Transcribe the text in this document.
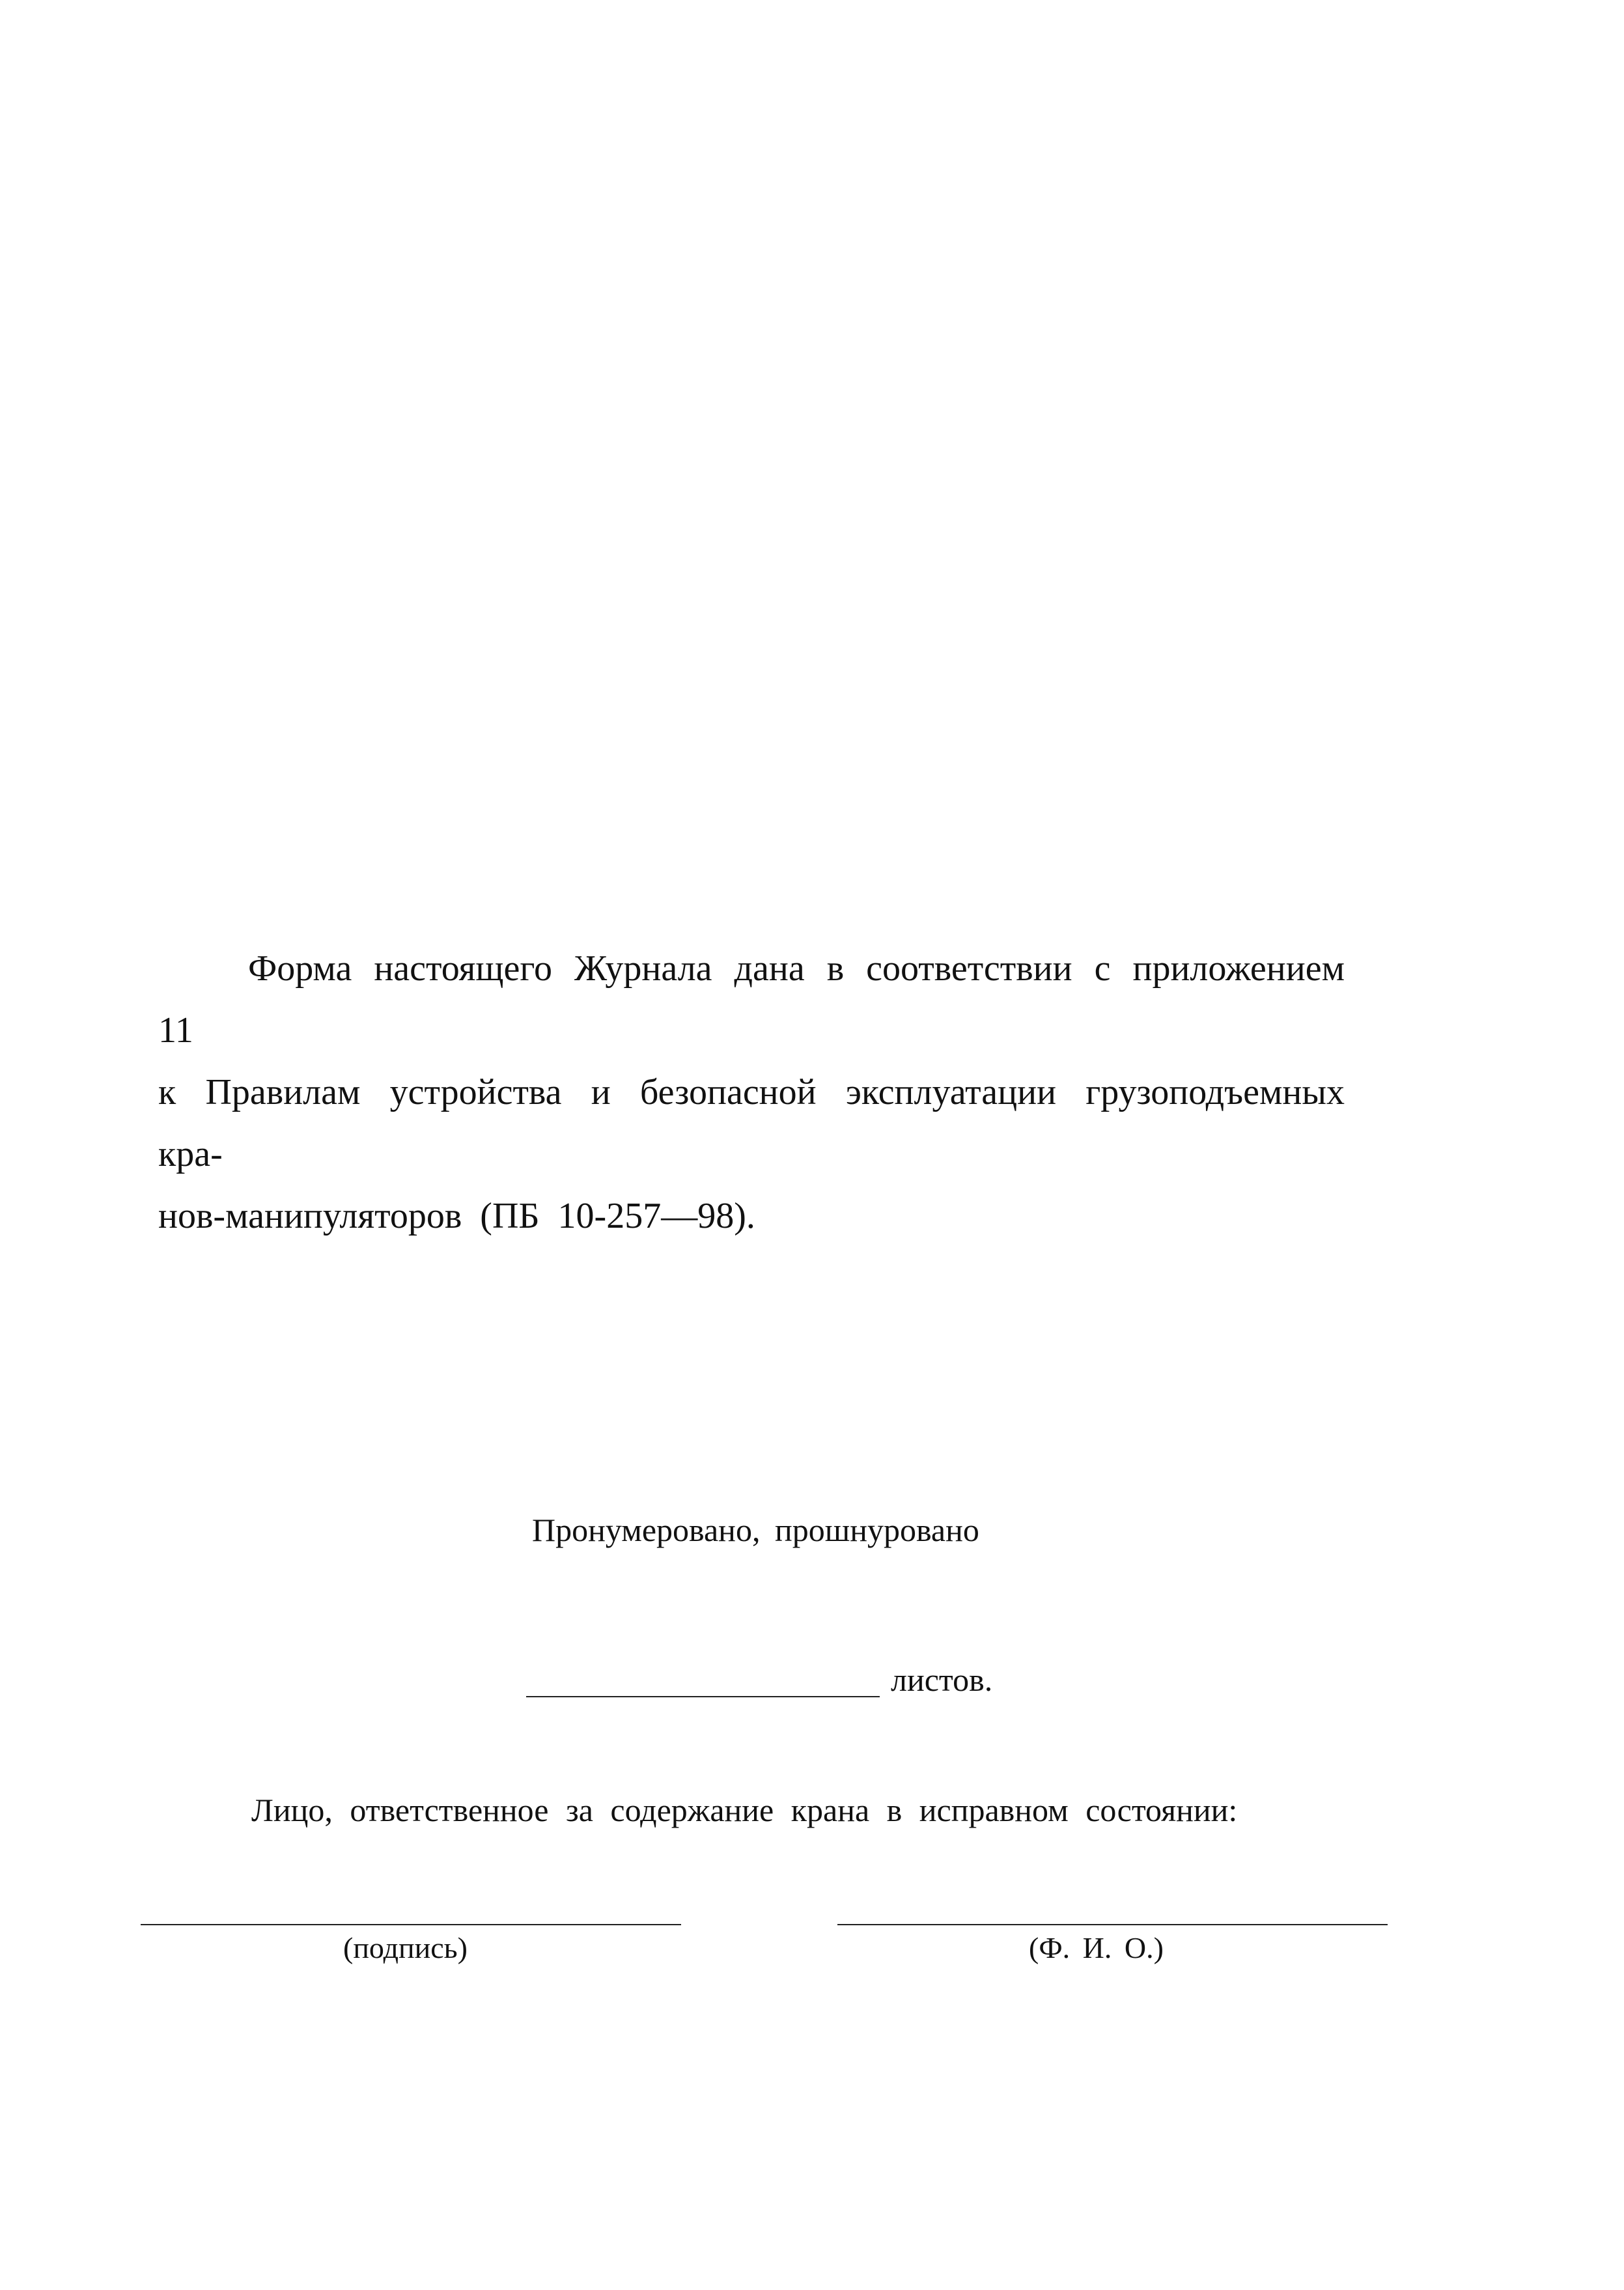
Форма настоящего Журнала дана в соответствии с приложением 11
к Правилам устройства и безопасной эксплуатации грузоподъемных кра-
нов-манипуляторов (ПБ 10-257—98).
Пронумеровано, прошнуровано
листов.
Лицо, ответственное за содержание крана в исправном состоянии:
(подпись)	(Ф. И. О.)
